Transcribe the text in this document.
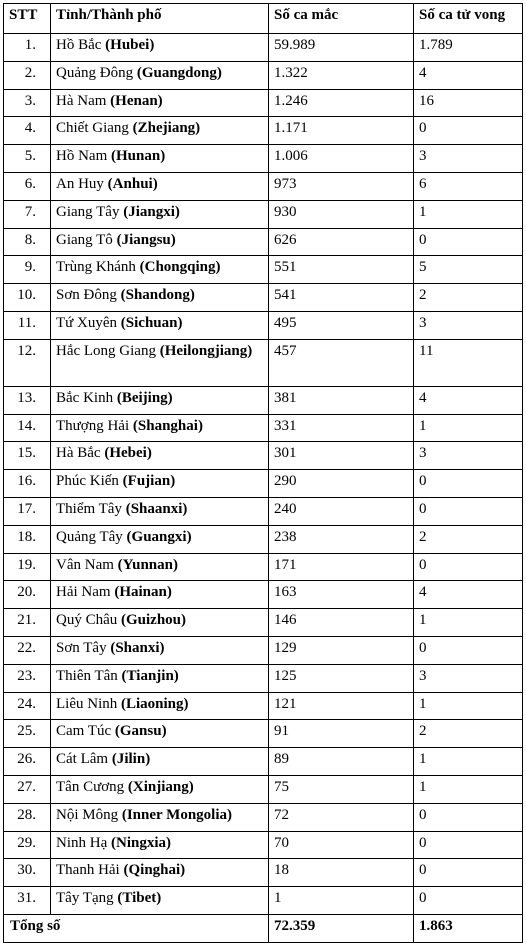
STT	Tỉnh/Thành phố	Số ca mắc	Số ca tử vong
1.	Hồ Bắc (Hubei)	59.989	1.789
2.	Quảng Đông (Guangdong)	1.322	4
3.	Hà Nam (Henan)	1.246	16
4.	Chiết Giang (Zhejiang)	1.171	0
5.	Hồ Nam (Hunan)	1.006	3
6.	An Huy (Anhui)	973	6
7.	Giang Tây (Jiangxi)	930	1
8.	Giang Tô (Jiangsu)	626	0
9.	Trùng Khánh (Chongqing)	551	5
10.	Sơn Đông (Shandong)	541	2
11.	Tứ Xuyên (Sichuan)	495	3
12.	Hắc Long Giang (Heilongjiang)	457	11
13.	Bắc Kinh (Beijing)	381	4
14.	Thượng Hải (Shanghai)	331	1
15.	Hà Bắc (Hebei)	301	3
16.	Phúc Kiến (Fujian)	290	0
17.	Thiểm Tây (Shaanxi)	240	0
18.	Quảng Tây (Guangxi)	238	2
19.	Vân Nam (Yunnan)	171	0
20.	Hải Nam (Hainan)	163	4
21.	Quý Châu (Guizhou)	146	1
22.	Sơn Tây (Shanxi)	129	0
23.	Thiên Tân (Tianjin)	125	3
24.	Liêu Ninh (Liaoning)	121	1
25.	Cam Túc (Gansu)	91	2
26.	Cát Lâm (Jilin)	89	1
27.	Tân Cương (Xinjiang)	75	1
28.	Nội Mông (Inner Mongolia)	72	0
29.	Ninh Hạ (Ningxia)	70	0
30.	Thanh Hải (Qinghai)	18	0
31.	Tây Tạng (Tibet)	1	0
Tổng số		72.359	1.863
